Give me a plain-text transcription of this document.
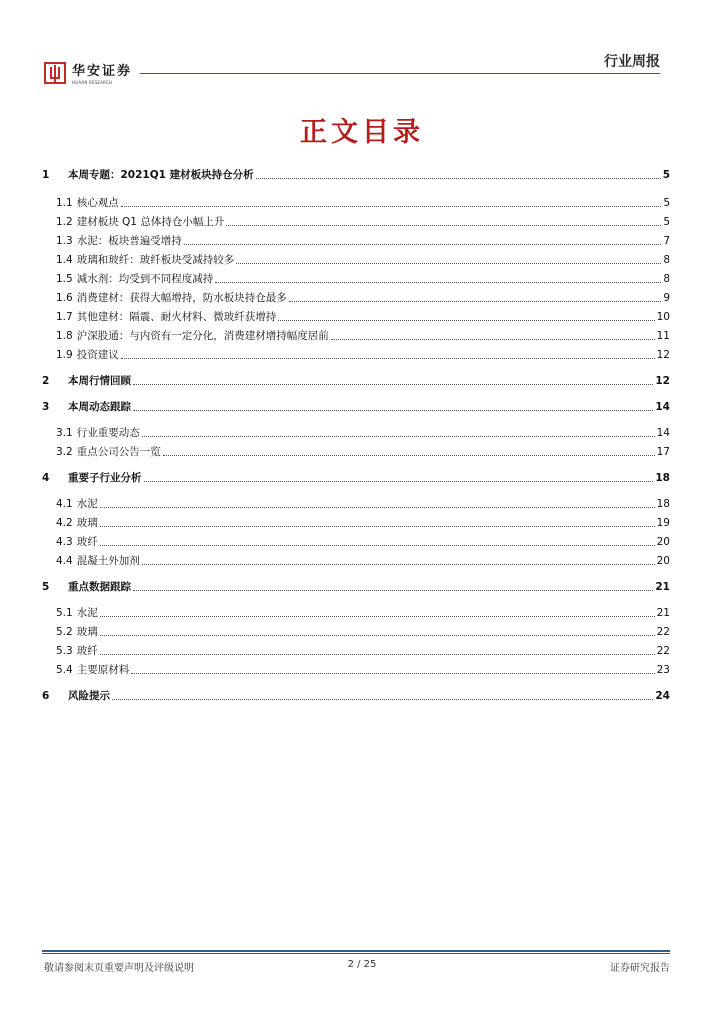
华安证券
HUAAN RESEARCH
行业周报
正文目录
1	本周专题：2021Q1 建材板块持仓分析	5
1.1 核心观点	5
1.2 建材板块 Q1 总体持仓小幅上升	5
1.3 水泥：板块普遍受增持	7
1.4 玻璃和玻纤：玻纤板块受减持较多	8
1.5 减水剂：均受到不同程度减持	8
1.6 消费建材：获得大幅增持，防水板块持仓最多	9
1.7 其他建材：隔震、耐火材料、微玻纤获增持	10
1.8 沪深股通：与内资有一定分化，消费建材增持幅度居前	11
1.9 投资建议	12
2	本周行情回顾	12
3	本周动态跟踪	14
3.1 行业重要动态	14
3.2 重点公司公告一览	17
4	重要子行业分析	18
4.1 水泥	18
4.2 玻璃	19
4.3 玻纤	20
4.4 混凝土外加剂	20
5	重点数据跟踪	21
5.1 水泥	21
5.2 玻璃	22
5.3 玻纤	22
5.4 主要原材料	23
6	风险提示	24
敬请参阅末页重要声明及评级说明	2 / 25	证券研究报告
